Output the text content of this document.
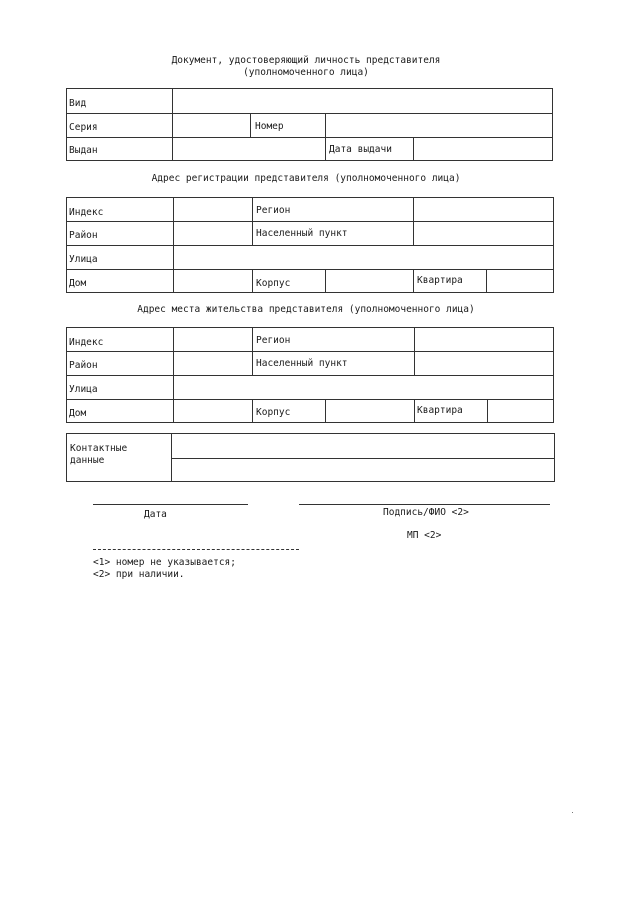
Документ, удостоверяющий личность представителя
(уполномоченного лица)
Вид
Серия	Номер
Выдан	Дата выдачи
Адрес регистрации представителя (уполномоченного лица)
Индекс	Регион
Район	Населенный пункт
Улица
Дом	Корпус	Квартира
Адрес места жительства представителя (уполномоченного лица)
Индекс	Регион
Район	Населенный пункт
Улица
Дом	Корпус	Квартира
Контактные
данные
Дата	Подпись/ФИО <2>
МП <2>
<1> номер не указывается;
<2> при наличии.
